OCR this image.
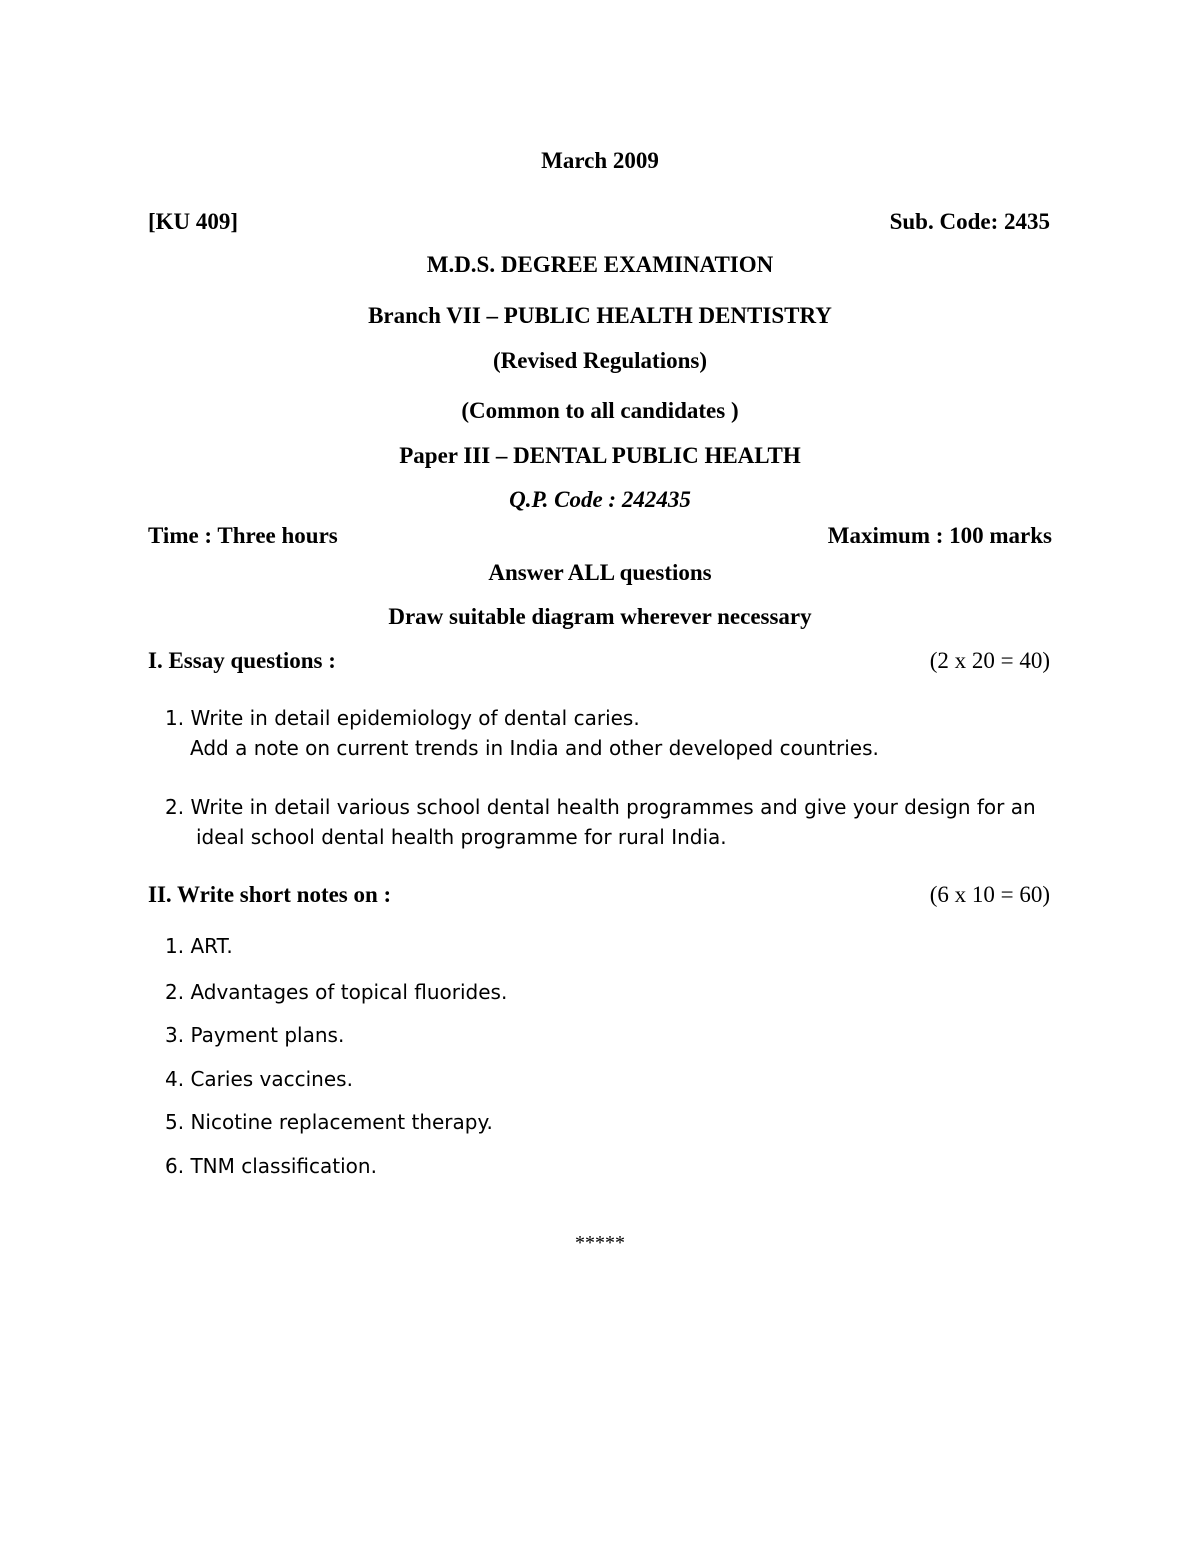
March 2009
[KU 409]	Sub. Code: 2435
M.D.S. DEGREE EXAMINATION
Branch VII – PUBLIC HEALTH DENTISTRY
(Revised Regulations)
(Common to all candidates )
Paper III – DENTAL PUBLIC HEALTH
Q.P. Code : 242435
Time : Three hours	Maximum : 100 marks
Answer ALL questions
Draw suitable diagram wherever necessary
I. Essay questions :	(2 x 20 = 40)
1. Write in detail epidemiology of dental caries.
Add a note on current trends in India and other developed countries.
2. Write in detail various school dental health programmes and give your design for an
ideal school dental health programme for rural India.
II. Write short notes on :	(6 x 10 = 60)
1. ART.
2. Advantages of topical fluorides.
3. Payment plans.
4. Caries vaccines.
5. Nicotine replacement therapy.
6. TNM classification.
*****
